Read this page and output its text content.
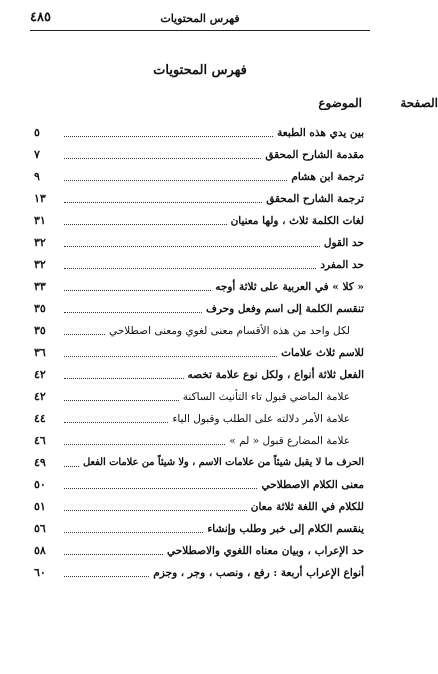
فهرس المحتويات
٤٨٥
فهرس المحتويات
الموضوع	الصفحة
بين يدي هذه الطبعة
٥
مقدمة الشارح المحقق
٧
ترجمة ابن هشام
٩
ترجمة الشارح المحقق
١٣
لغات الكلمة ثلاث ، ولها معنيان
٣١
حد القول
٣٢
حد المفرد
٣٢
« كلا » في العربية على ثلاثة أوجه
٣٣
تنقسم الكلمة إلى اسم وفعل وحرف
٣٥
لكل واحد من هذه الأقسام معنى لغوي ومعنى اصطلاحي
٣٥
للاسم ثلاث علامات
٣٦
الفعل ثلاثة أنواع ، ولكل نوع علامة تخصه
٤٢
علامة الماضي قبول تاء التأنيث الساكنة
٤٢
علامة الأمر دلالته على الطلب وقبول الياء
٤٤
علامة المضارع قبول « لم »
٤٦
الحرف ما لا يقبل شيئاً من علامات الاسم ، ولا شيئاً من علامات الفعل
٤٩
معنى الكلام الاصطلاحي
٥٠
للكلام في اللغة ثلاثة معان
٥١
ينقسم الكلام إلى خبر وطلب وإنشاء
٥٦
حد الإعراب ، وبيان معناه اللغوي والاصطلاحي
٥٨
أنواع الإعراب أربعة : رفع ، ونصب ، وجر ، وجزم
٦٠
